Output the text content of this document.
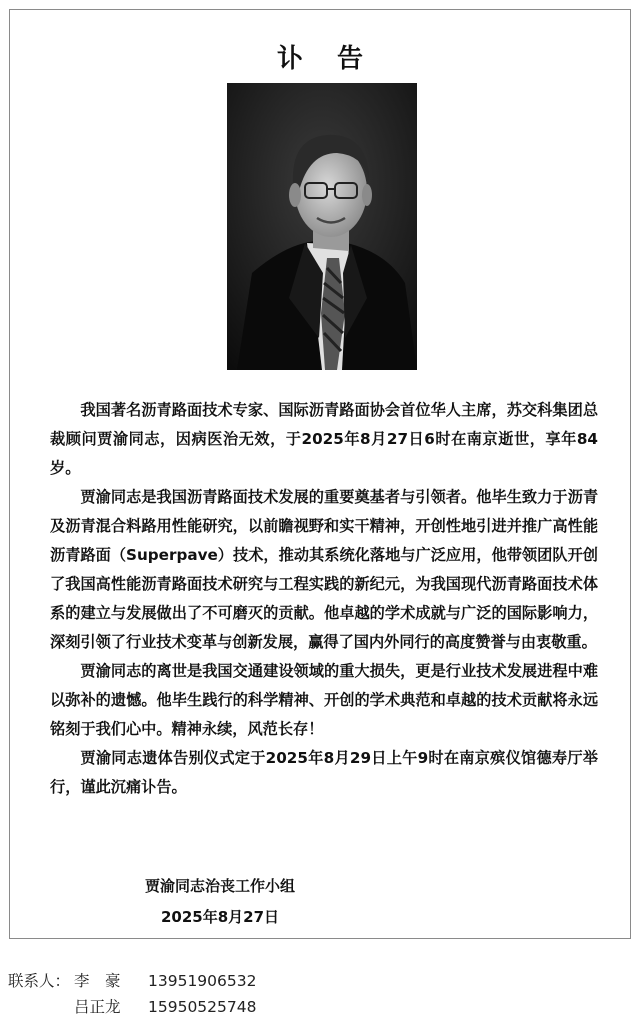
讣告

我国著名沥青路面技术专家、国际沥青路面协会首位华人主席，苏交科集团总裁顾问贾渝同志，因病医治无效，于2025年8月27日6时在南京逝世，享年84岁。

贾渝同志是我国沥青路面技术发展的重要奠基者与引领者。他毕生致力于沥青及沥青混合料路用性能研究，以前瞻视野和实干精神，开创性地引进并推广高性能沥青路面（Superpave）技术，推动其系统化落地与广泛应用，他带领团队开创了我国高性能沥青路面技术研究与工程实践的新纪元，为我国现代沥青路面技术体系的建立与发展做出了不可磨灭的贡献。他卓越的学术成就与广泛的国际影响力，深刻引领了行业技术变革与创新发展，赢得了国内外同行的高度赞誉与由衷敬重。

贾渝同志的离世是我国交通建设领域的重大损失，更是行业技术发展进程中难以弥补的遗憾。他毕生践行的科学精神、开创的学术典范和卓越的技术贡献将永远铭刻于我们心中。精神永续，风范长存！

贾渝同志遗体告别仪式定于2025年8月29日上午9时在南京殡仪馆德寿厅举行，谨此沉痛讣告。

贾渝同志治丧工作小组
2025年8月27日
联系人： 李　豪 13951906532
吕正龙 15950525748
